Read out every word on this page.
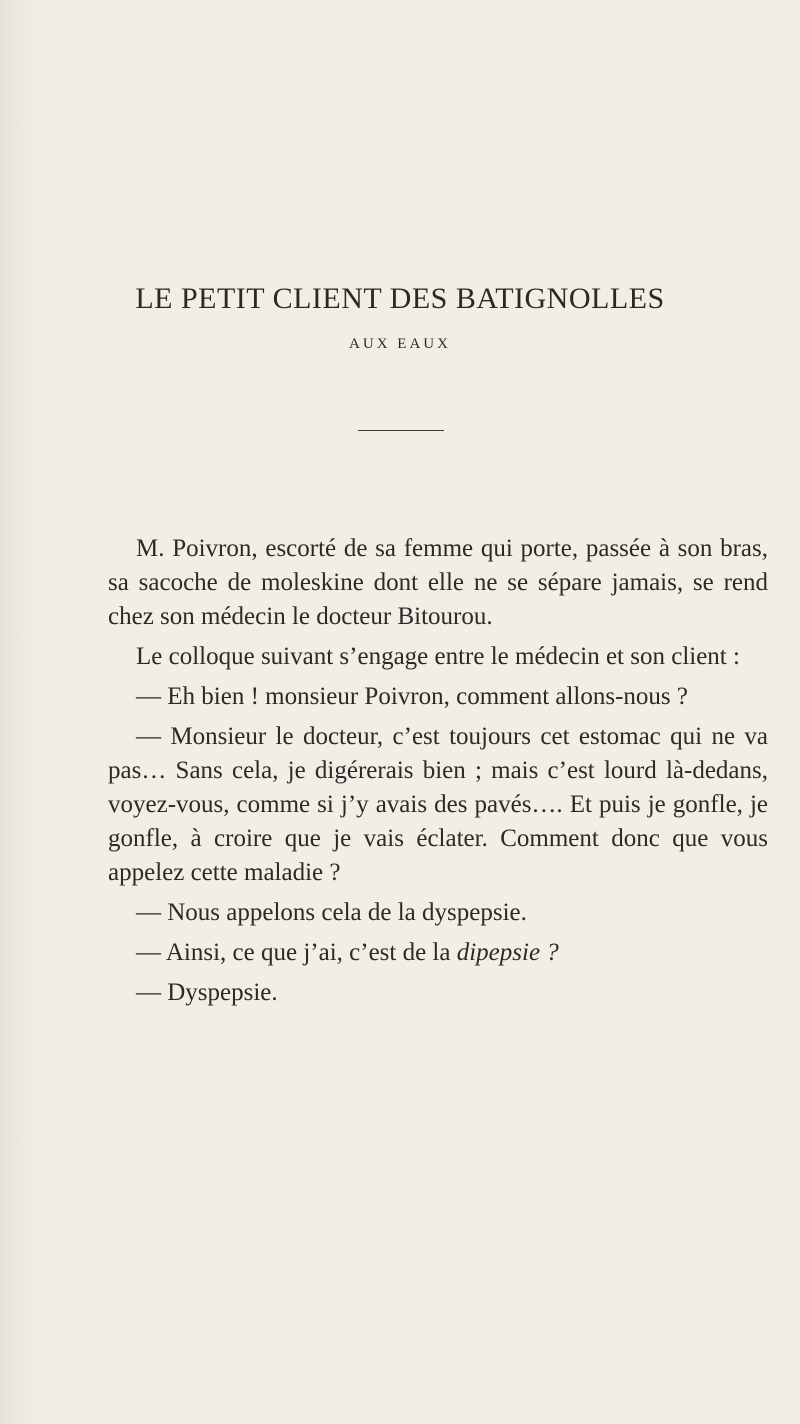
LE PETIT CLIENT DES BATIGNOLLES
AUX EAUX

M. Poivron, escorté de sa femme qui porte, passée à son bras, sa sacoche de moleskine dont elle ne se sépare jamais, se rend chez son médecin le docteur Bitourou.

Le colloque suivant s’engage entre le médecin et son client :

— Eh bien ! monsieur Poivron, comment allons-nous ?

— Monsieur le docteur, c’est toujours cet estomac qui ne va pas… Sans cela, je digérerais bien ; mais c’est lourd là-dedans, voyez-vous, comme si j’y avais des pavés…. Et puis je gonfle, je gonfle, à croire que je vais éclater. Comment donc que vous appelez cette maladie ?

— Nous appelons cela de la dyspepsie.

— Ainsi, ce que j’ai, c’est de la dipepsie ?

— Dyspepsie.
